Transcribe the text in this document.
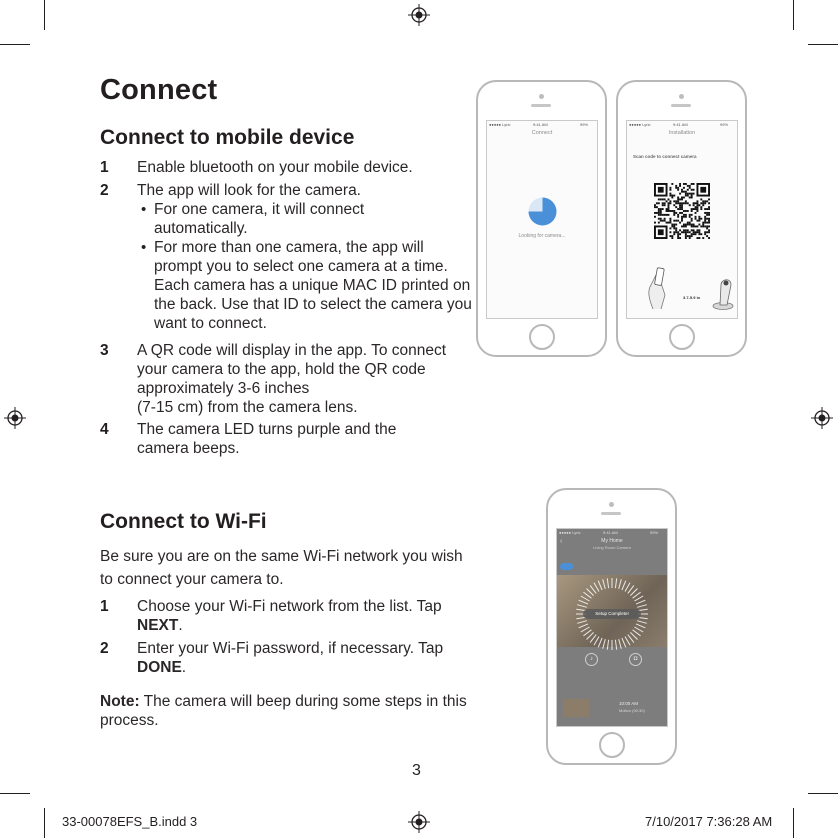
Connect
Connect to mobile device
1 Enable bluetooth on your mobile device.
2 The app will look for the camera.
• For one camera, it will connect automatically.
• For more than one camera, the app will prompt you to select one camera at a time. Each camera has a unique MAC ID printed on the back. Use that ID to select the camera you want to connect.
3 A QR code will display in the app. To connect your camera to the app, hold the QR code approximately 3-6 inches
(7-15 cm) from the camera lens.
4 The camera LED turns purple and the camera beeps.
Connect to Wi-Fi
Be sure you are on the same Wi-Fi network you wish to connect your camera to.
1 Choose your Wi-Fi network from the list. Tap NEXT.
2 Enter your Wi-Fi password, if necessary. Tap DONE.
Note: The camera will beep during some steps in this process.
●●●●● Lyric	9:41 AM	99%
Connect
Looking for camera...
●●●●● Lyric	9:41 AM	99%
Installation
Scan code to connect camera
3.7-5.9 in
●●●●● Lyric	9:41 AM	99%
‹	My Home
Living Room Camera
Setup Complete!
♪	◘
10:00 AM
Motion (00:30)
3
33-00078EFS_B.indd 3	7/10/2017 7:36:28 AM
